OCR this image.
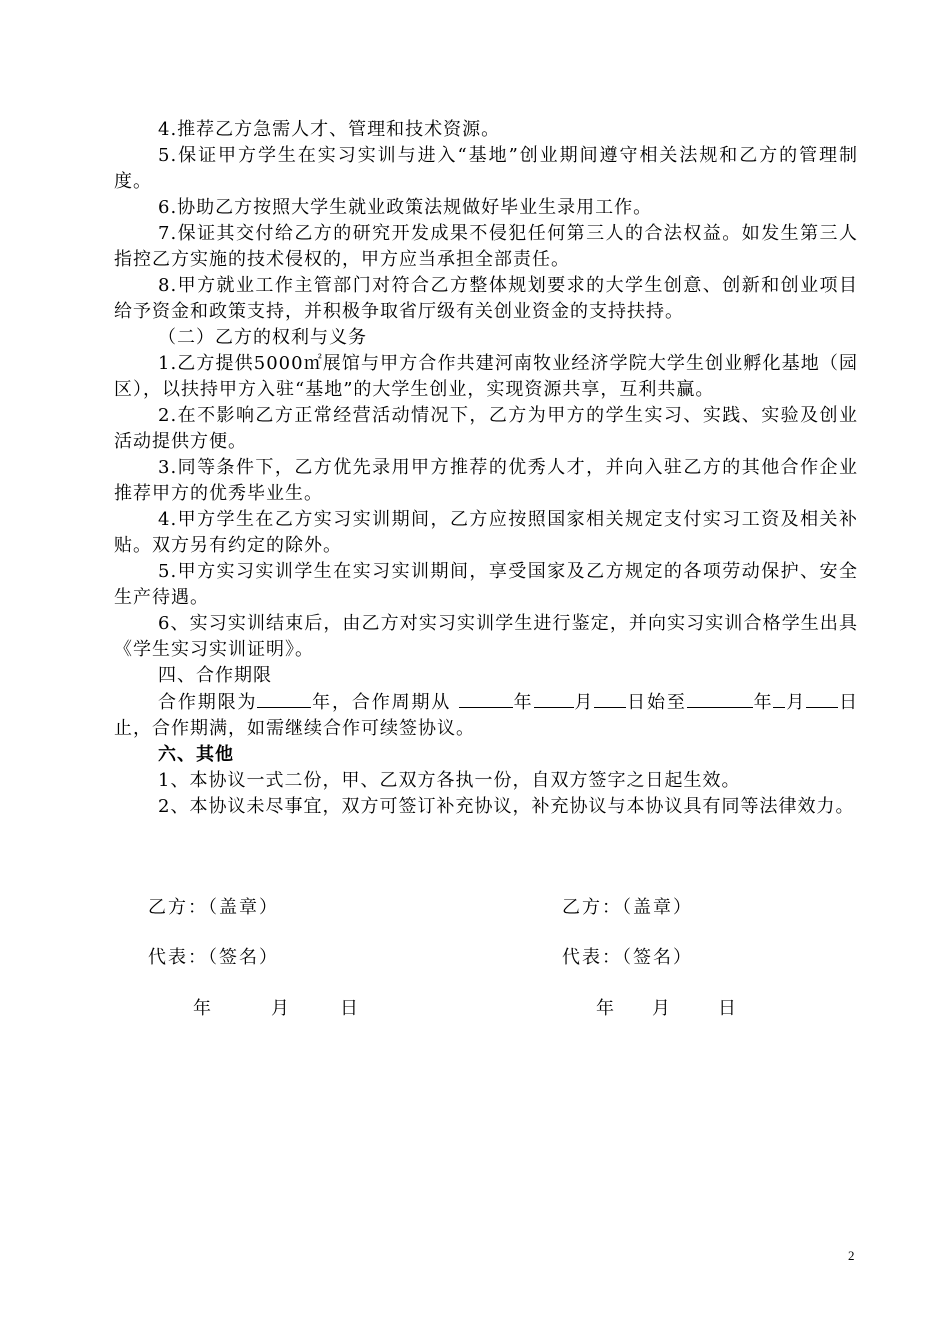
4.推荐乙方急需人才、管理和技术资源。

5.保证甲方学生在实习实训与进入“基地”创业期间遵守相关法规和乙方的管理制度。

6.协助乙方按照大学生就业政策法规做好毕业生录用工作。

7.保证其交付给乙方的研究开发成果不侵犯任何第三人的合法权益。如发生第三人指控乙方实施的技术侵权的，甲方应当承担全部责任。

8.甲方就业工作主管部门对符合乙方整体规划要求的大学生创意、创新和创业项目给予资金和政策支持，并积极争取省厅级有关创业资金的支持扶持。

（二）乙方的权利与义务

1.乙方提供5000㎡展馆与甲方合作共建河南牧业经济学院大学生创业孵化基地（园区），以扶持甲方入驻“基地”的大学生创业，实现资源共享，互利共赢。

2.在不影响乙方正常经营活动情况下，乙方为甲方的学生实习、实践、实验及创业活动提供方便。

3.同等条件下，乙方优先录用甲方推荐的优秀人才，并向入驻乙方的其他合作企业推荐甲方的优秀毕业生。

4.甲方学生在乙方实习实训期间，乙方应按照国家相关规定支付实习工资及相关补贴。双方另有约定的除外。

5.甲方实习实训学生在实习实训期间，享受国家及乙方规定的各项劳动保护、安全生产待遇。

6、实习实训结束后，由乙方对实习实训学生进行鉴定，并向实习实训合格学生出具《学生实习实训证明》。

四、合作期限

合作期限为	年，合作周期从	年 月 日始至	年 月 日止，合作期满，如需继续合作可续签协议。

六、其他

1、本协议一式二份，甲、乙双方各执一份，自双方签字之日起生效。

2、本协议未尽事宜，双方可签订补充协议，补充协议与本协议具有同等法律效力。

乙方：（盖章）	乙方：（盖章）
代表：（签名）	代表：（签名）
年	月	日	年 月	日
2
